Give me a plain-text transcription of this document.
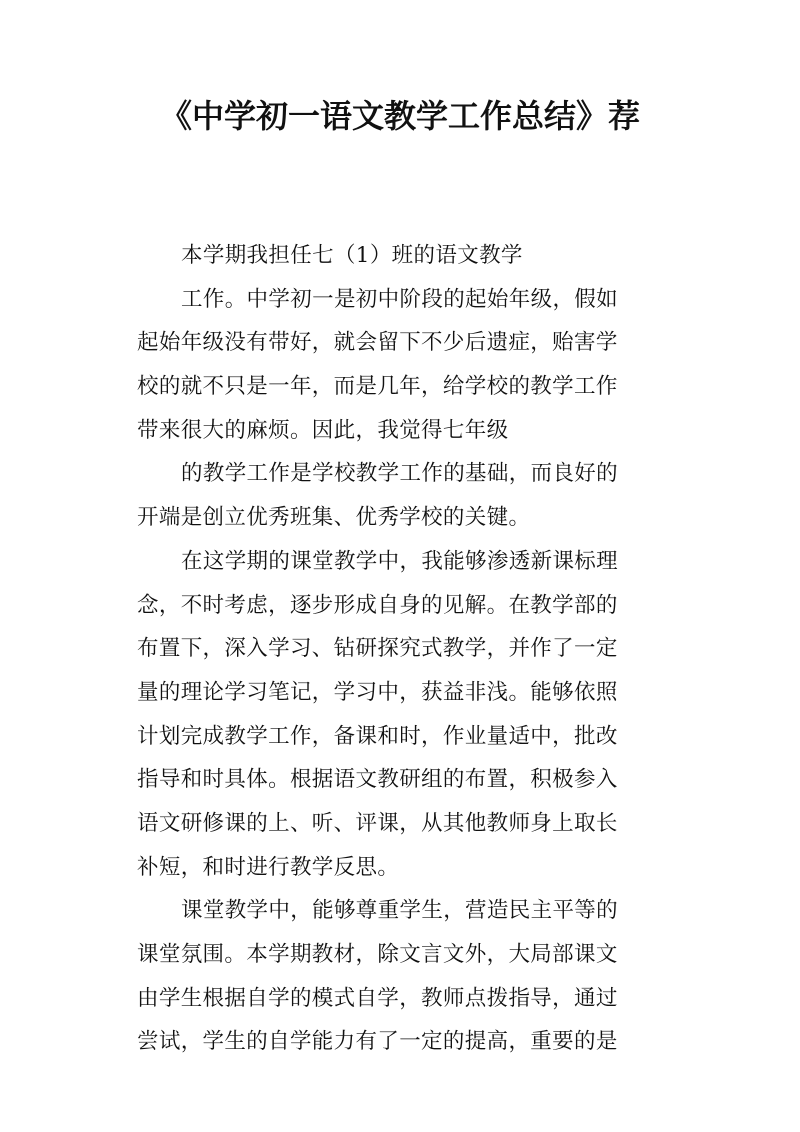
《中学初一语文教学工作总结》荐
本学期我担任七（1）班的语文教学
工作。中学初一是初中阶段的起始年级，假如
起始年级没有带好，就会留下不少后遗症，贻害学
校的就不只是一年，而是几年，给学校的教学工作
带来很大的麻烦。因此，我觉得七年级
的教学工作是学校教学工作的基础，而良好的
开端是创立优秀班集、优秀学校的关键。
在这学期的课堂教学中，我能够渗透新课标理
念，不时考虑，逐步形成自身的见解。在教学部的
布置下，深入学习、钻研探究式教学，并作了一定
量的理论学习笔记，学习中，获益非浅。能够依照
计划完成教学工作，备课和时，作业量适中，批改
指导和时具体。根据语文教研组的布置，积极参入
语文研修课的上、听、评课，从其他教师身上取长
补短，和时进行教学反思。
课堂教学中，能够尊重学生，营造民主平等的
课堂氛围。本学期教材，除文言文外，大局部课文
由学生根据自学的模式自学，教师点拨指导，通过
尝试，学生的自学能力有了一定的提高，重要的是
